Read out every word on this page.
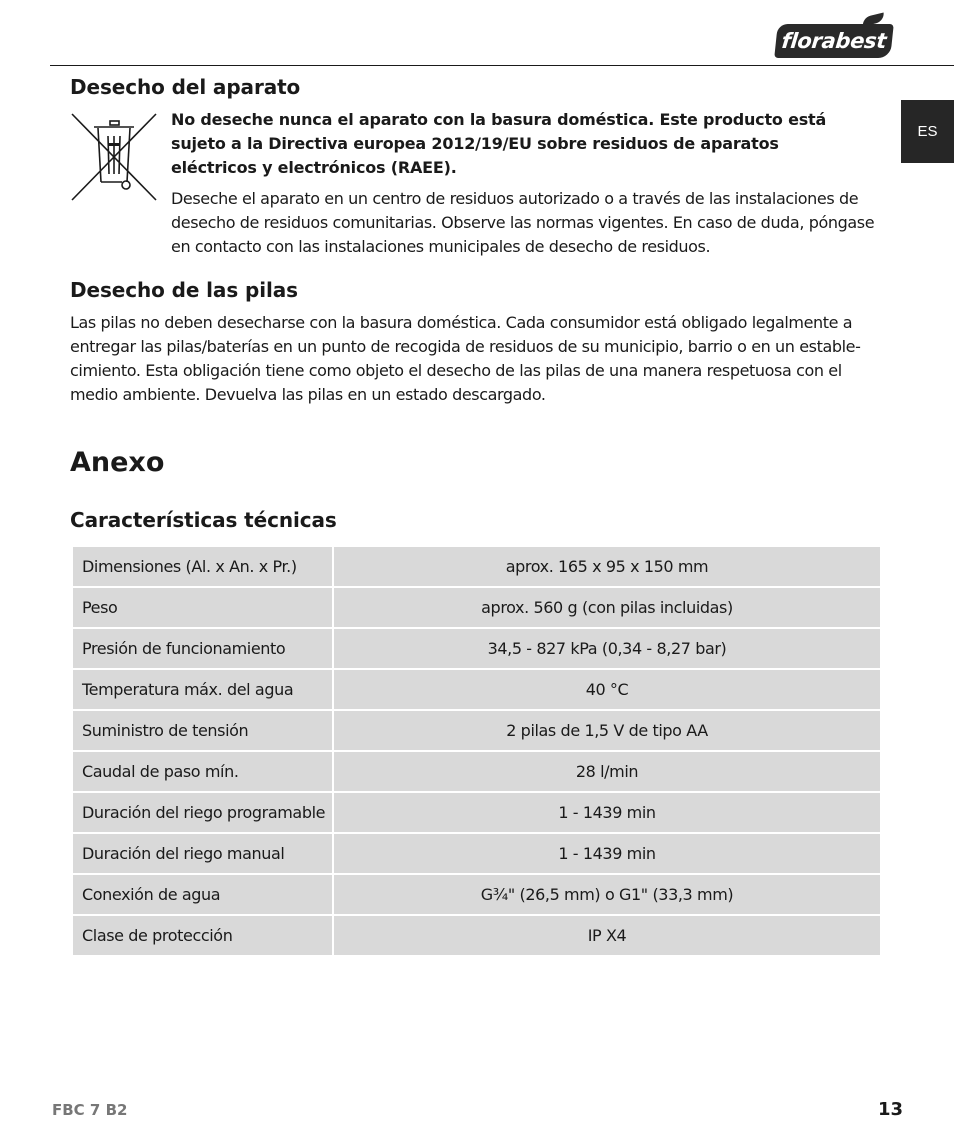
florabest
ES
Desecho del aparato
No deseche nunca el aparato con la basura doméstica. Este producto está
sujeto a la Directiva europea 2012/19/EU sobre residuos de aparatos
eléctricos y electrónicos (RAEE).
Deseche el aparato en un centro de residuos autorizado o a través de las instalaciones de
desecho de residuos comunitarias. Observe las normas vigentes. En caso de duda, póngase
en contacto con las instalaciones municipales de desecho de residuos.
Desecho de las pilas
Las pilas no deben desecharse con la basura doméstica. Cada consumidor está obligado legalmente a
entregar las pilas/baterías en un punto de recogida de residuos de su municipio, barrio o en un estable-
cimiento. Esta obligación tiene como objeto el desecho de las pilas de una manera respetuosa con el
medio ambiente. Devuelva las pilas en un estado descargado.
Anexo
Características técnicas
Dimensiones (Al. x An. x Pr.)	aprox. 165 x 95 x 150 mm
Peso	aprox. 560 g (con pilas incluidas)
Presión de funcionamiento	34,5 - 827 kPa (0,34 - 8,27 bar)
Temperatura máx. del agua	40 °C
Suministro de tensión	2 pilas de 1,5 V de tipo AA
Caudal de paso mín.	28 l/min
Duración del riego programable	1 - 1439 min
Duración del riego manual	1 - 1439 min
Conexión de agua	G¾" (26,5 mm) o G1" (33,3 mm)
Clase de protección	IP X4
FBC 7 B2	13
